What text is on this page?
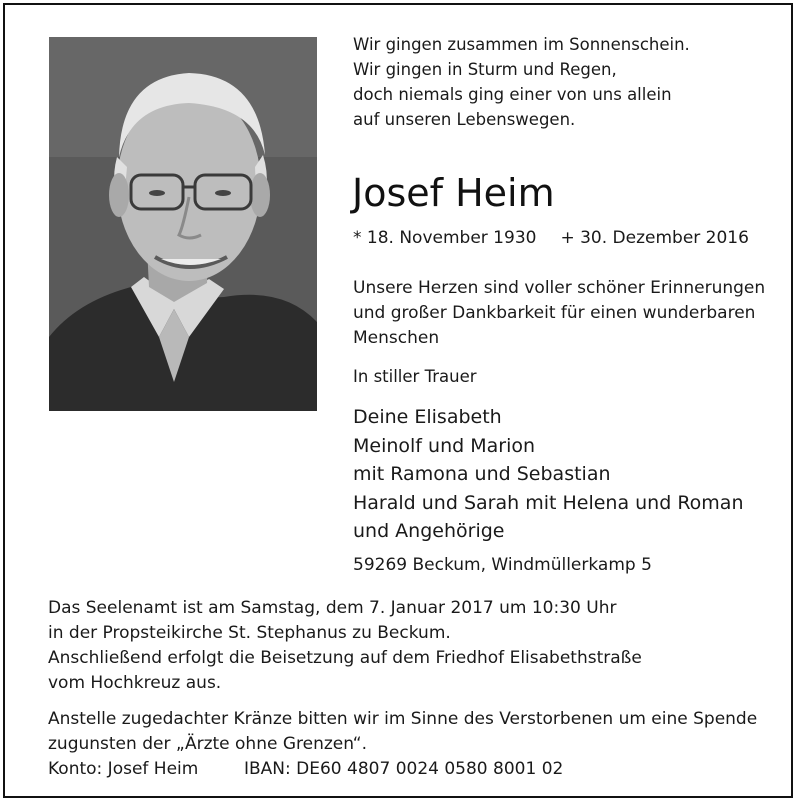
Wir gingen zusammen im Sonnenschein.
Wir gingen in Sturm und Regen,
doch niemals ging einer von uns allein
auf unseren Lebenswegen.
Josef Heim
* 18. November 1930 + 30. Dezember 2016
Unsere Herzen sind voller schöner Erinnerungen
und großer Dankbarkeit für einen wunderbaren
Menschen
In stiller Trauer
Deine Elisabeth
Meinolf und Marion
mit Ramona und Sebastian
Harald und Sarah mit Helena und Roman
und Angehörige
59269 Beckum, Windmüllerkamp 5
Das Seelenamt ist am Samstag, dem 7. Januar 2017 um 10:30 Uhr
in der Propsteikirche St. Stephanus zu Beckum.
Anschließend erfolgt die Beisetzung auf dem Friedhof Elisabethstraße
vom Hochkreuz aus.
Anstelle zugedachter Kränze bitten wir im Sinne des Verstorbenen um eine Spende
zugunsten der „Ärzte ohne Grenzen“.
Konto: Josef Heim	IBAN: DE60 4807 0024 0580 8001 02
